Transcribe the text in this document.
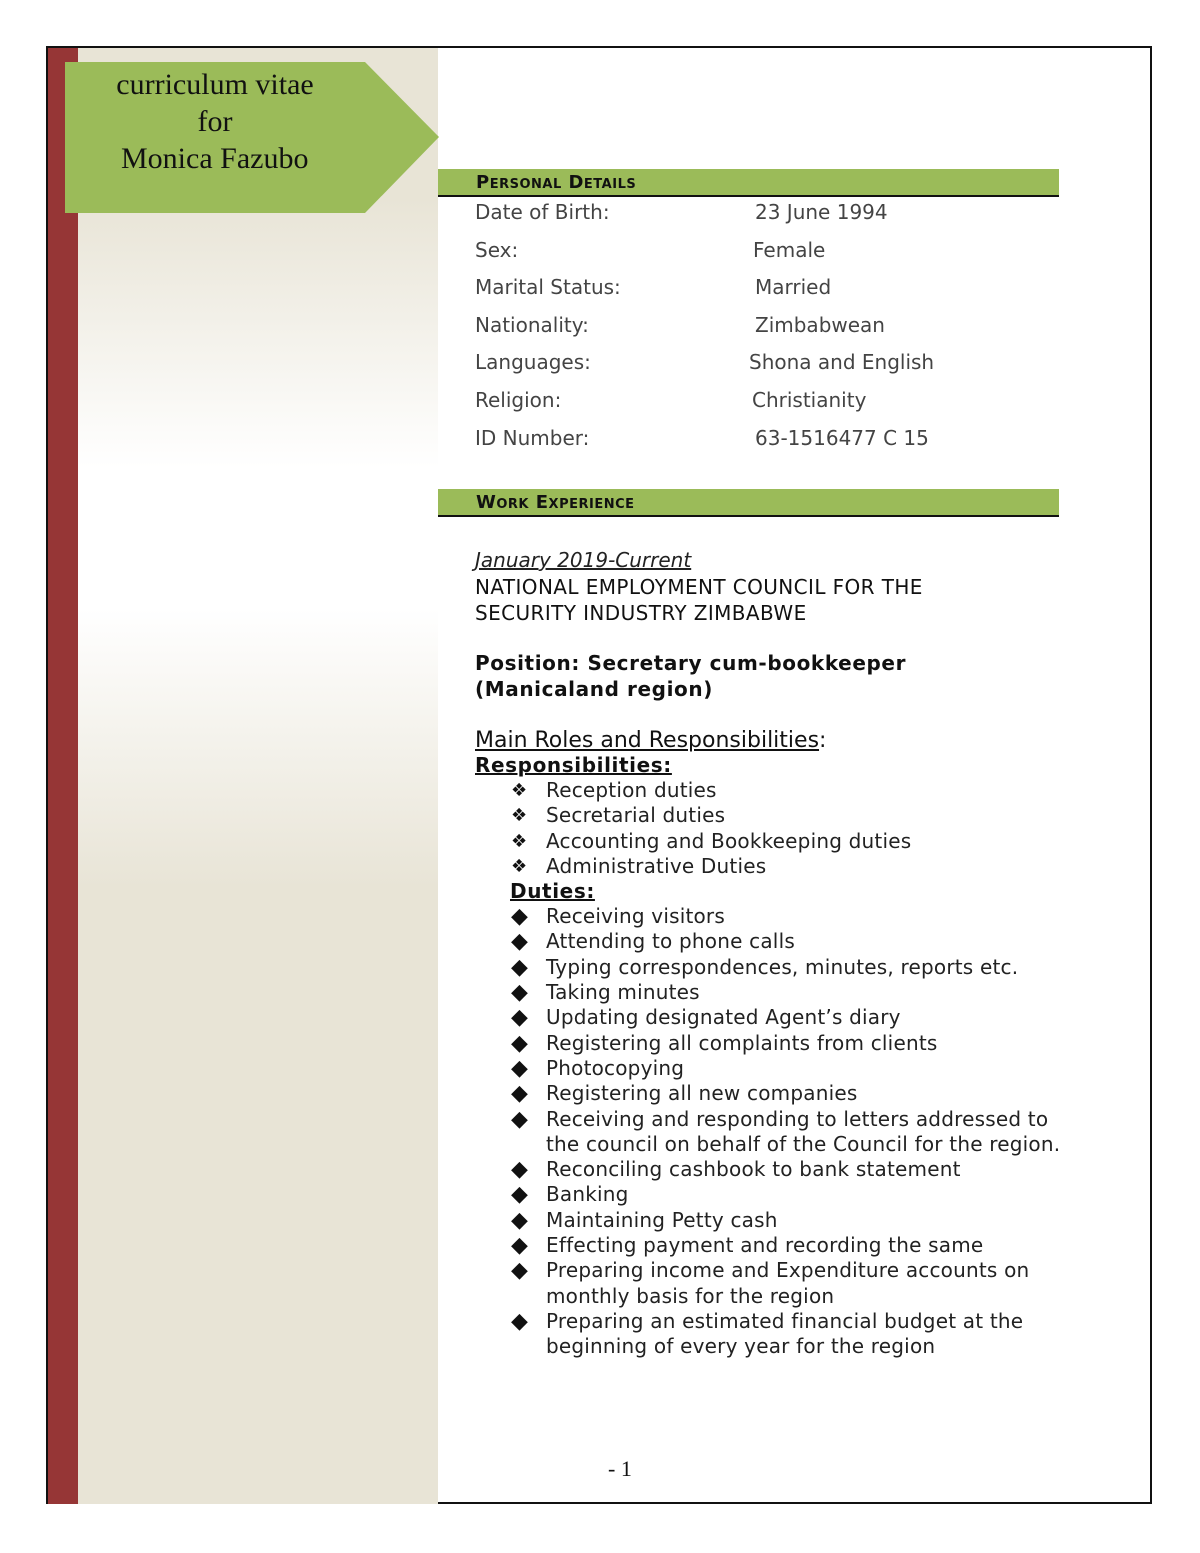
curriculum vitae
for
Monica Fazubo
Personal Details
Date of Birth:	23 June 1994
Sex:	Female
Marital Status:	Married
Nationality:	Zimbabwean
Languages:	Shona and English
Religion:	Christianity
ID Number:	63-1516477 C 15
Work Experience
January 2019-Current
NATIONAL EMPLOYMENT COUNCIL FOR THE
SECURITY INDUSTRY ZIMBABWE
Position: Secretary cum-bookkeeper
(Manicaland region)
Main Roles and Responsibilities:
Responsibilities:
❖ Reception duties
❖ Secretarial duties
❖ Accounting and Bookkeeping duties
❖ Administrative Duties
Duties:
◆ Receiving visitors
◆ Attending to phone calls
◆ Typing correspondences, minutes, reports etc.
◆ Taking minutes
◆ Updating designated Agent’s diary
◆ Registering all complaints from clients
◆ Photocopying
◆ Registering all new companies
◆ Receiving and responding to letters addressed to the council on behalf of the Council for the region.
◆ Reconciling cashbook to bank statement
◆ Banking
◆ Maintaining Petty cash
◆ Effecting payment and recording the same
◆ Preparing income and Expenditure accounts on monthly basis for the region
◆ Preparing an estimated financial budget at the beginning of every year for the region
- 1
